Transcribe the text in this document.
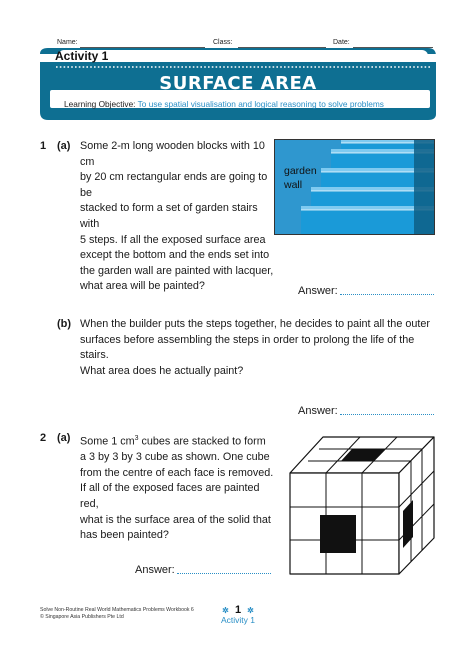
Name:	Class:	Date:
Activity 1
SURFACE AREA
Learning Objective: To use spatial visualisation and logical reasoning to solve problems
1 (a) Some 2-m long wooden blocks with 10 cm
by 20 cm rectangular ends are going to be
stacked to form a set of garden stairs with
5 steps. If all the exposed surface area
except the bottom and the ends set into
the garden wall are painted with lacquer,
what area will be painted?
garden
wall
Answer:
(b) When the builder puts the steps together, he decides to paint all the outer
surfaces before assembling the steps in order to prolong the life of the stairs.
What area does he actually paint?
Answer:
2 (a) Some 1 $cm^3$ cubes are stacked to form
a 3 by 3 by 3 cube as shown. One cube
from the centre of each face is removed.
If all of the exposed faces are painted red,
what is the surface area of the solid that
has been painted?
Answer:
Solve Non-Routine Real World Mathematics Problems Workbook 6
© Singapore Asia Publishers Pte Ltd
✲ 1 ✲
Activity 1
